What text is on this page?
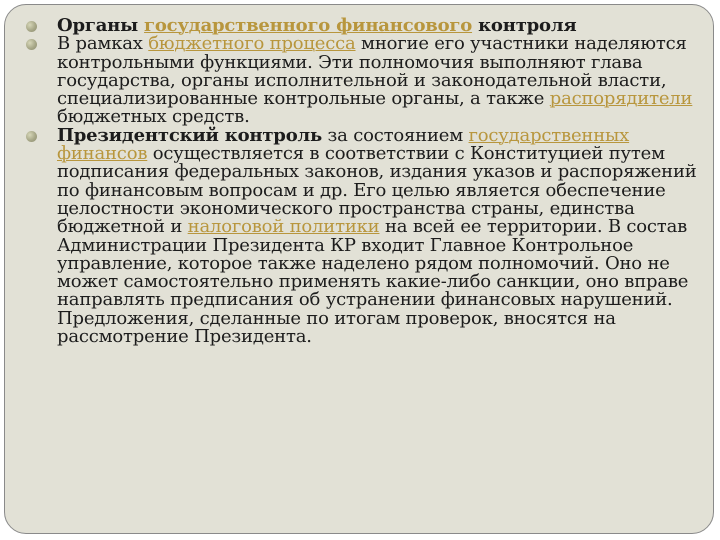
Органы государственного финансового контроля
В рамках бюджетного процесса многие его участники наделяются контрольными функциями. Эти полномочия выполняют глава государства, органы исполнительной и законодательной власти, специализированные контрольные органы, а также распорядители бюджетных средств.
Президентский контроль за состоянием государственных финансов осуществляется в соответствии с Конституцией путем подписания федеральных законов, издания указов и распоряжений по финансовым вопросам и др. Его целью является обеспечение целостности экономического пространства страны, единства бюджетной и налоговой политики на всей ее территории. В состав Администрации Президента КР входит Главное Контрольное управление, которое также наделено рядом полномочий. Оно не может самостоятельно применять какие-либо санкции, оно вправе направлять предписания об устранении финансовых нарушений. Предложения, сделанные по итогам проверок, вносятся на рассмотрение Президента.
